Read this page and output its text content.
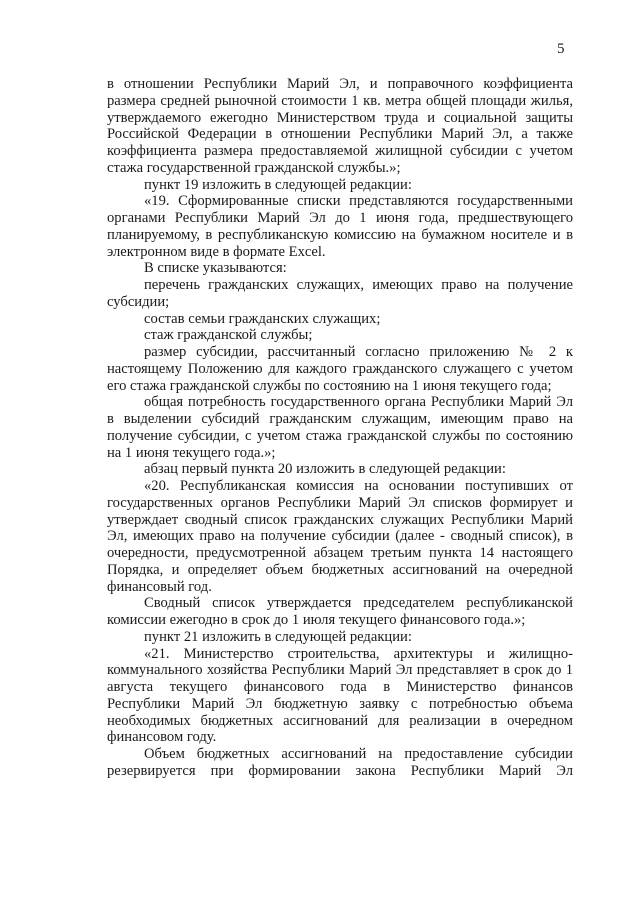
5

в отношении Республики Марий Эл, и поправочного коэффициента размера средней рыночной стоимости 1 кв. метра общей площади жилья, утверждаемого ежегодно Министерством труда и социальной защиты Российской Федерации в отношении Республики Марий Эл, а также коэффициента размера предоставляемой жилищной субсидии с учетом стажа государственной гражданской службы.»;

пункт 19 изложить в следующей редакции:

«19. Сформированные списки представляются государственными органами Республики Марий Эл до 1 июня года, предшествующего планируемому, в республиканскую комиссию на бумажном носителе и в электронном виде в формате Excel.

В списке указываются:

перечень гражданских служащих, имеющих право на получение субсидии;

состав семьи гражданских служащих;

стаж гражданской службы;

размер субсидии, рассчитанный согласно приложению № 2 к настоящему Положению для каждого гражданского служащего с учетом его стажа гражданской службы по состоянию на 1 июня текущего года;

общая потребность государственного органа Республики Марий Эл в выделении субсидий гражданским служащим, имеющим право на получение субсидии, с учетом стажа гражданской службы по состоянию на 1 июня текущего года.»;

абзац первый пункта 20 изложить в следующей редакции:

«20. Республиканская комиссия на основании поступивших от государственных органов Республики Марий Эл списков формирует и утверждает сводный список гражданских служащих Республики Марий Эл, имеющих право на получение субсидии (далее - сводный список), в очередности, предусмотренной абзацем третьим пункта 14 настоящего Порядка, и определяет объем бюджетных ассигнований на очередной финансовый год.

Сводный список утверждается председателем республиканской комиссии ежегодно в срок до 1 июля текущего финансового года.»;

пункт 21 изложить в следующей редакции:

«21. Министерство строительства, архитектуры и жилищно-коммунального хозяйства Республики Марий Эл представляет в срок до 1 августа текущего финансового года в Министерство финансов Республики Марий Эл бюджетную заявку с потребностью объема необходимых бюджетных ассигнований для реализации в очередном финансовом году.

Объем бюджетных ассигнований на предоставление субсидии резервируется при формировании закона Республики Марий Эл
